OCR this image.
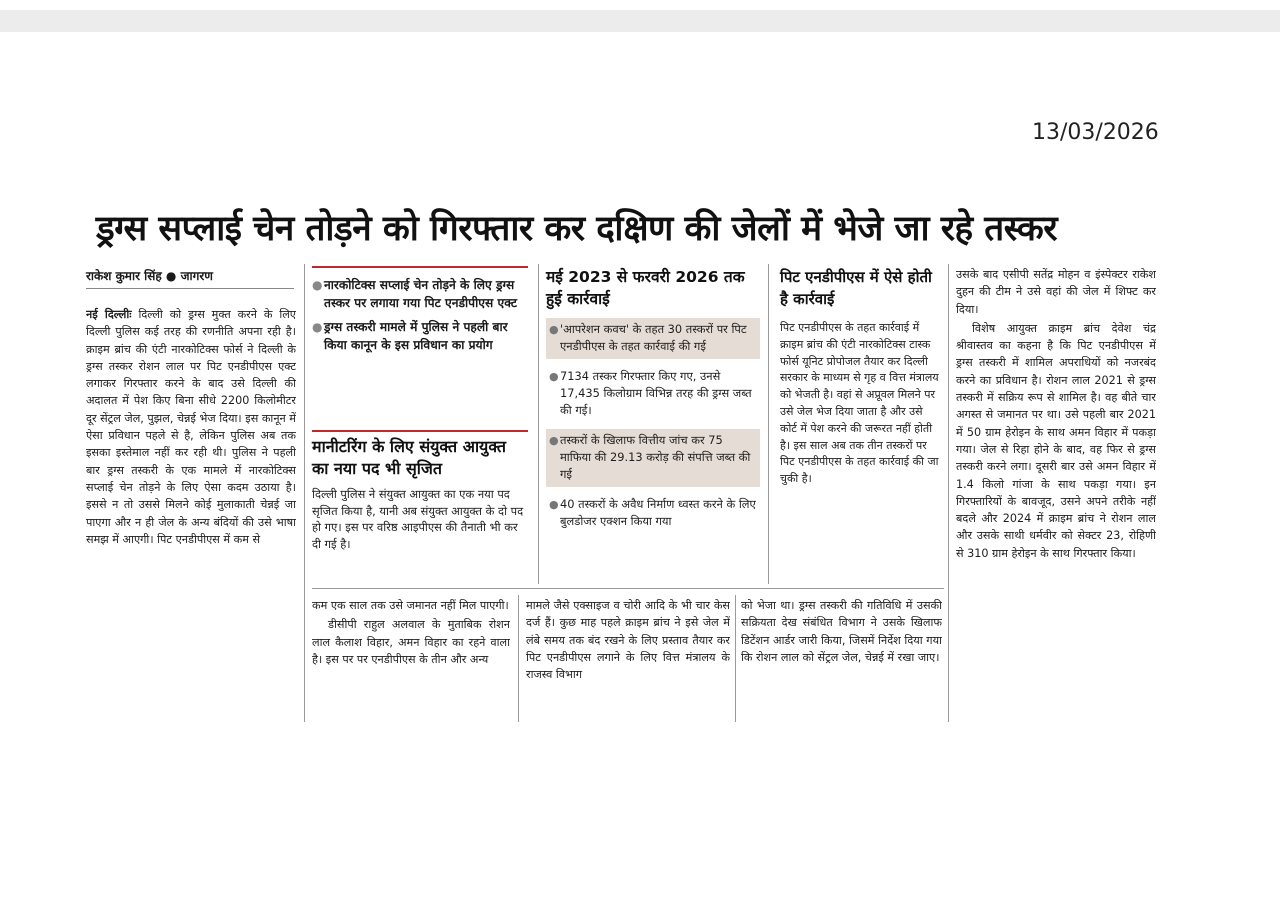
13/03/2026
ड्रग्स सप्लाई चेन तोड़ने को गिरफ्तार कर दक्षिण की जेलों में भेजे जा रहे तस्कर
राकेश कुमार सिंह ● जागरण
नई दिल्लीः दिल्ली को ड्रग्स मुक्त करने के लिए दिल्ली पुलिस कई तरह की रणनीति अपना रही है। क्राइम ब्रांच की एंटी नारकोटिक्स फोर्स ने दिल्ली के ड्रग्स तस्कर रोशन लाल पर पिट एनडीपीएस एक्ट लगाकर गिरफ्तार करने के बाद उसे दिल्ली की अदालत में पेश किए बिना सीधे 2200 किलोमीटर दूर सेंट्रल जेल, पुझल, चेन्नई भेज दिया। इस कानून में ऐसा प्रविधान पहले से है, लेकिन पुलिस अब तक इसका इस्तेमाल नहीं कर रही थी। पुलिस ने पहली बार ड्रग्स तस्करी के एक मामले में नारकोटिक्स सप्लाई चेन तोड़ने के लिए ऐसा कदम उठाया है। इससे न तो उससे मिलने कोई मुलाकाती चेन्नई जा पाएगा और न ही जेल के अन्य बंदियों की उसे भाषा समझ में आएगी। पिट एनडीपीएस में कम से
● नारकोटिक्स सप्लाई चेन तोड़ने के लिए ड्रग्स तस्कर पर लगाया गया पिट एनडीपीएस एक्ट
● ड्रग्स तस्करी मामले में पुलिस ने पहली बार किया कानून के इस प्रविधान का प्रयोग
मानीटरिंग के लिए संयुक्त आयुक्त का नया पद भी सृजित
दिल्ली पुलिस ने संयुक्त आयुक्त का एक नया पद सृजित किया है, यानी अब संयुक्त आयुक्त के दो पद हो गए। इस पर वरिष्ठ आइपीएस की तैनाती भी कर दी गई है।
मई 2023 से फरवरी 2026 तक हुई कार्रवाई
● 'आपरेशन कवच' के तहत 30 तस्करों पर पिट एनडीपीएस के तहत कार्रवाई की गई
● 7134 तस्कर गिरफ्तार किए गए, उनसे 17,435 किलोग्राम विभिन्न तरह की ड्रग्स जब्त की गई।
● तस्करों के खिलाफ वित्तीय जांच कर 75 माफिया की 29.13 करोड़ की संपत्ति जब्त की गई
● 40 तस्करों के अवैध निर्माण ध्वस्त करने के लिए बुलडोजर एक्शन किया गया
पिट एनडीपीएस में ऐसे होती है कार्रवाई
पिट एनडीपीएस के तहत कार्रवाई में क्राइम ब्रांच की एंटी नारकोटिक्स टास्क फोर्स यूनिट प्रोपोजल तैयार कर दिल्ली सरकार के माध्यम से गृह व वित्त मंत्रालय को भेजती है। वहां से अप्रूवल मिलने पर उसे जेल भेज दिया जाता है और उसे कोर्ट में पेश करने की जरूरत नहीं होती है। इस साल अब तक तीन तस्करों पर पिट एनडीपीएस के तहत कार्रवाई की जा चुकी है।
कम एक साल तक उसे जमानत नहीं मिल पाएगी।
डीसीपी राहुल अलवाल के मुताबिक रोशन लाल कैलाश विहार, अमन विहार का रहने वाला है। इस पर पर एनडीपीएस के तीन और अन्य
मामले जैसे एक्साइज व चोरी आदि के भी चार केस दर्ज हैं। कुछ माह पहले क्राइम ब्रांच ने इसे जेल में लंबे समय तक बंद रखने के लिए प्रस्ताव तैयार कर पिट एनडीपीएस लगाने के लिए वित्त मंत्रालय के राजस्व विभाग
को भेजा था। ड्रग्स तस्करी की गतिविधि में उसकी सक्रियता देख संबंधित विभाग ने उसके खिलाफ डिटेंशन आर्डर जारी किया, जिसमें निर्देश दिया गया कि रोशन लाल को सेंट्रल जेल, चेन्नई में रखा जाए।
उसके बाद एसीपी सतेंद्र मोहन व इंस्पेक्टर राकेश दुहन की टीम ने उसे वहां की जेल में शिफ्ट कर दिया।
विशेष आयुक्त क्राइम ब्रांच देवेश चंद्र श्रीवास्तव का कहना है कि पिट एनडीपीएस में ड्रग्स तस्करी में शामिल अपराधियों को नजरबंद करने का प्रविधान है। रोशन लाल 2021 से ड्रग्स तस्करी में सक्रिय रूप से शामिल है। वह बीते चार अगस्त से जमानत पर था। उसे पहली बार 2021 में 50 ग्राम हेरोइन के साथ अमन विहार में पकड़ा गया। जेल से रिहा होने के बाद, वह फिर से ड्रग्स तस्करी करने लगा। दूसरी बार उसे अमन विहार में 1.4 किलो गांजा के साथ पकड़ा गया। इन गिरफ्तारियों के बावजूद, उसने अपने तरीके नहीं बदले और 2024 में क्राइम ब्रांच ने रोशन लाल और उसके साथी धर्मवीर को सेक्टर 23, रोहिणी से 310 ग्राम हेरोइन के साथ गिरफ्तार किया।
